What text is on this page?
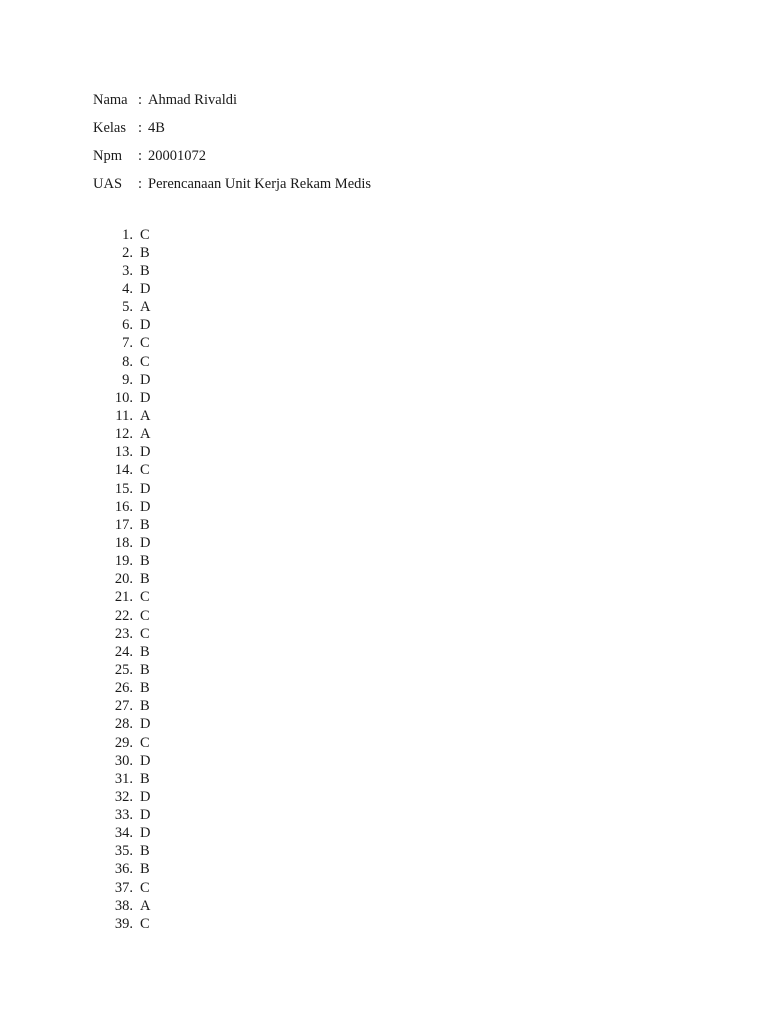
Nama : Ahmad Rivaldi
Kelas : 4B
Npm	: 20001072
UAS	: Perencanaan Unit Kerja Rekam Medis
1. C
2. B
3. B
4. D
5. A
6. D
7. C
8. C
9. D
10. D
11. A
12. A
13. D
14. C
15. D
16. D
17. B
18. D
19. B
20. B
21. C
22. C
23. C
24. B
25. B
26. B
27. B
28. D
29. C
30. D
31. B
32. D
33. D
34. D
35. B
36. B
37. C
38. A
39. C
